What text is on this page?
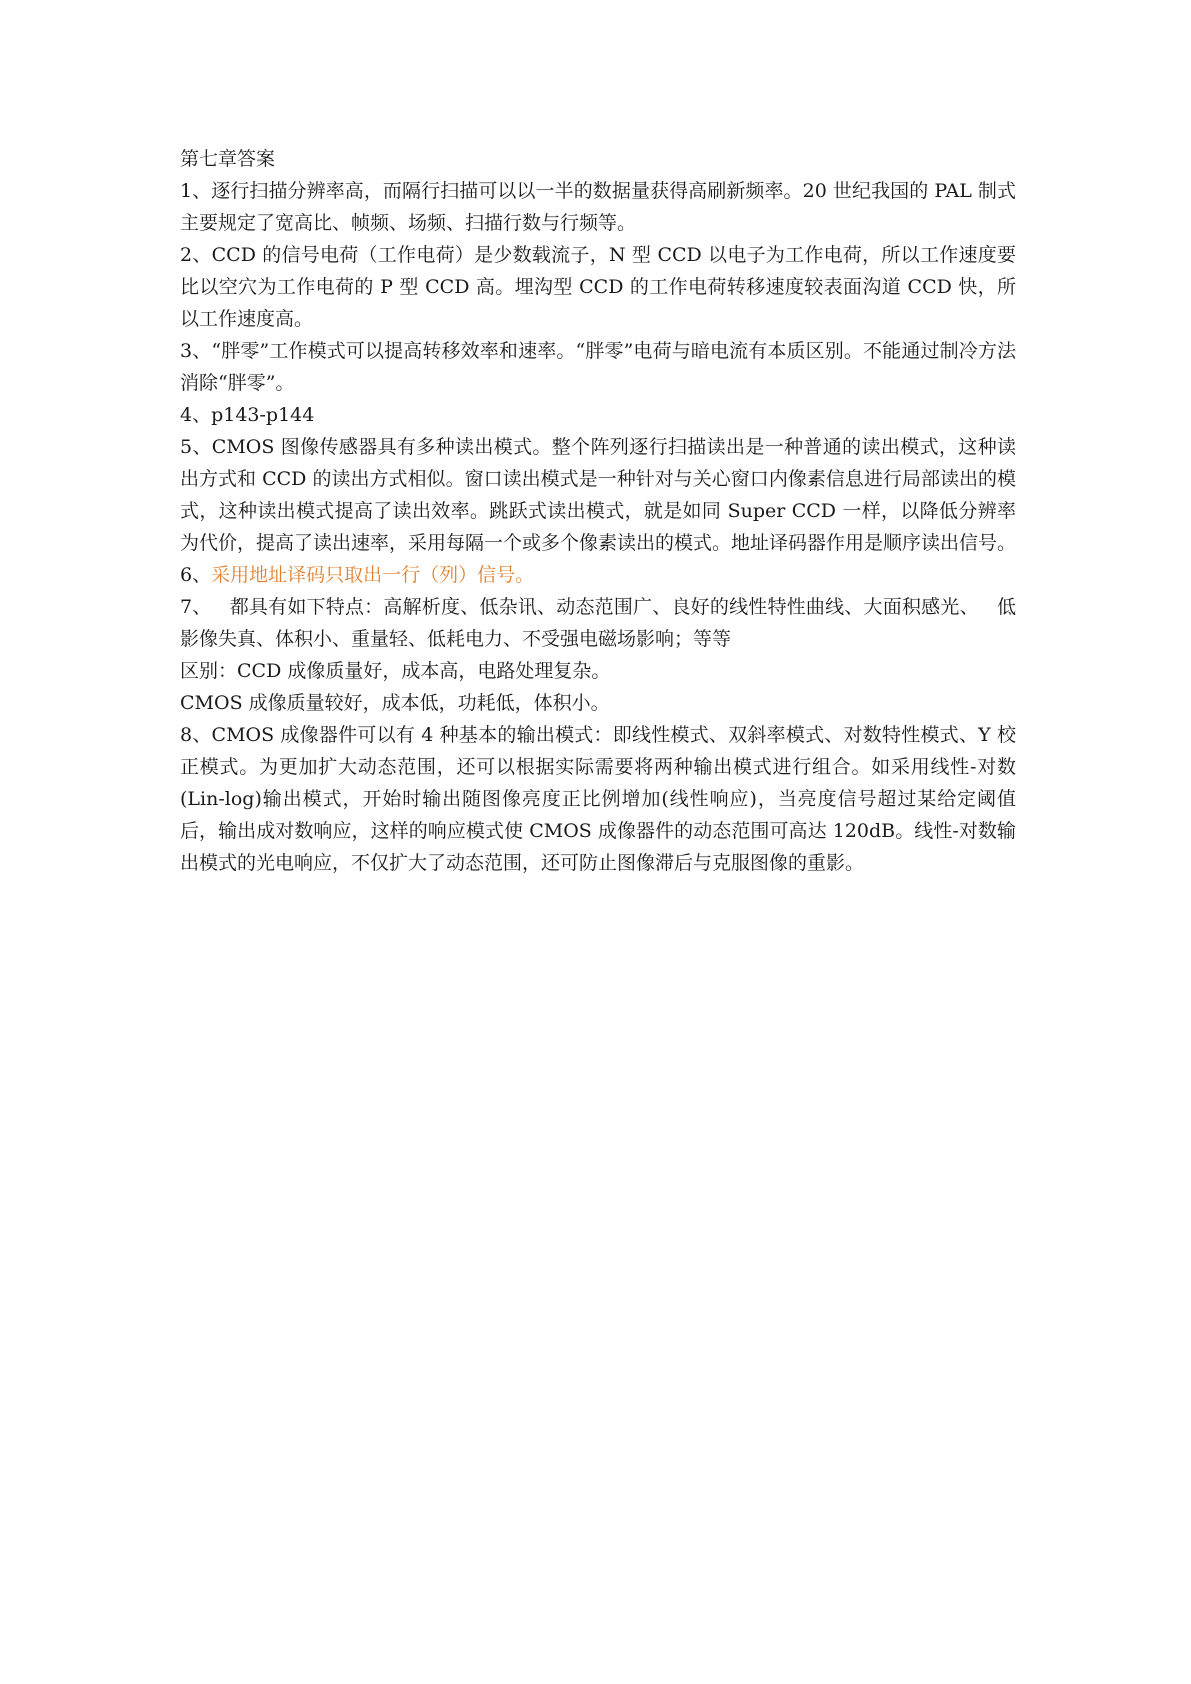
第七章答案

1、逐行扫描分辨率高，而隔行扫描可以以一半的数据量获得高刷新频率。20 世纪我国的 PAL 制式主要规定了宽高比、帧频、场频、扫描行数与行频等。

2、CCD 的信号电荷（工作电荷）是少数载流子，N 型 CCD 以电子为工作电荷，所以工作速度要比以空穴为工作电荷的 P 型 CCD 高。埋沟型 CCD 的工作电荷转移速度较表面沟道 CCD 快，所以工作速度高。

3、“胖零”工作模式可以提高转移效率和速率。“胖零”电荷与暗电流有本质区别。不能通过制冷方法消除“胖零”。

4、p143-p144

5、CMOS 图像传感器具有多种读出模式。整个阵列逐行扫描读出是一种普通的读出模式，这种读出方式和 CCD 的读出方式相似。窗口读出模式是一种针对与关心窗口内像素信息进行局部读出的模式，这种读出模式提高了读出效率。跳跃式读出模式，就是如同 Super CCD 一样，以降低分辨率为代价，提高了读出速率，采用每隔一个或多个像素读出的模式。地址译码器作用是顺序读出信号。

6、采用地址译码只取出一行（列）信号。

7、 都具有如下特点：高解析度、低杂讯、动态范围广、良好的线性特性曲线、大面积感光、 低影像失真、体积小、重量轻、低耗电力、不受强电磁场影响；等等

区别：CCD 成像质量好，成本高，电路处理复杂。

CMOS 成像质量较好，成本低，功耗低，体积小。

8、CMOS 成像器件可以有 4 种基本的输出模式：即线性模式、双斜率模式、对数特性模式、Y 校正模式。为更加扩大动态范围，还可以根据实际需要将两种输出模式进行组合。如采用线性-对数(Lin-log)输出模式，开始时输出随图像亮度正比例增加(线性响应)，当亮度信号超过某给定阈值后，输出成对数响应，这样的响应模式使 CMOS 成像器件的动态范围可高达 120dB。线性-对数输出模式的光电响应，不仅扩大了动态范围，还可防止图像滞后与克服图像的重影。
